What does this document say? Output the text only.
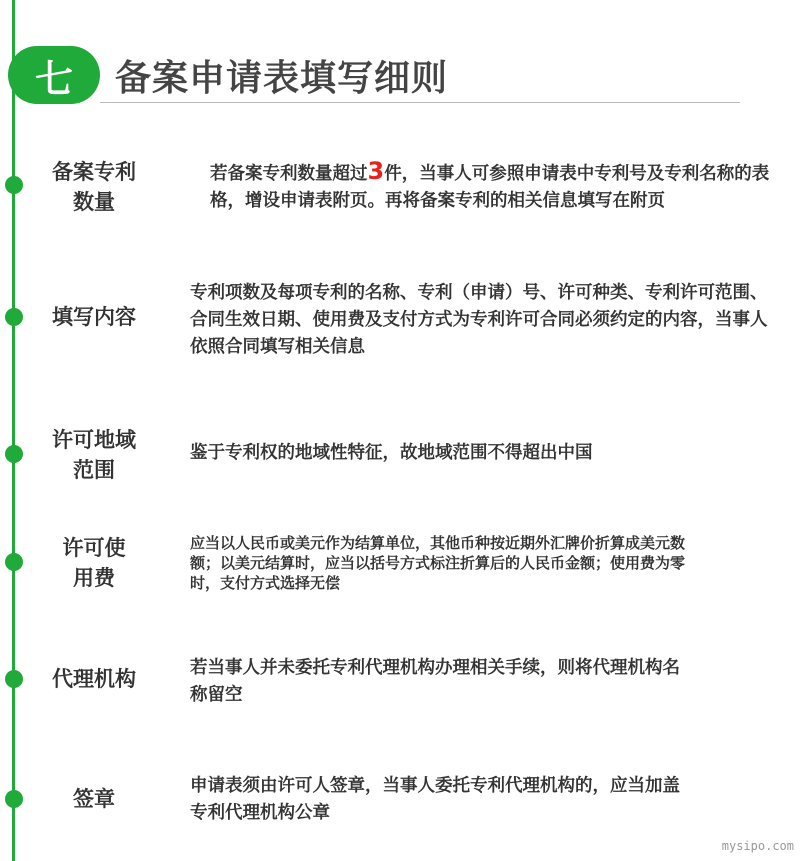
七	备案申请表填写细则
备案专利
数量
若备案专利数量超过3件，当事人可参照申请表中专利号及专利名称的表格，增设申请表附页。再将备案专利的相关信息填写在附页
填写内容
专利项数及每项专利的名称、专利（申请）号、许可种类、专利许可范围、合同生效日期、使用费及支付方式为专利许可合同必须约定的内容，当事人依照合同填写相关信息
许可地域
范围
鉴于专利权的地域性特征，故地域范围不得超出中国
许可使
用费
应当以人民币或美元作为结算单位，其他币种按近期外汇牌价折算成美元数额；以美元结算时，应当以括号方式标注折算后的人民币金额；使用费为零时，支付方式选择无偿
代理机构	若当事人并未委托专利代理机构办理相关手续，则将代理机构名称留空
签章
申请表须由许可人签章，当事人委托专利代理机构的，应当加盖专利代理机构公章
mysipo.com
